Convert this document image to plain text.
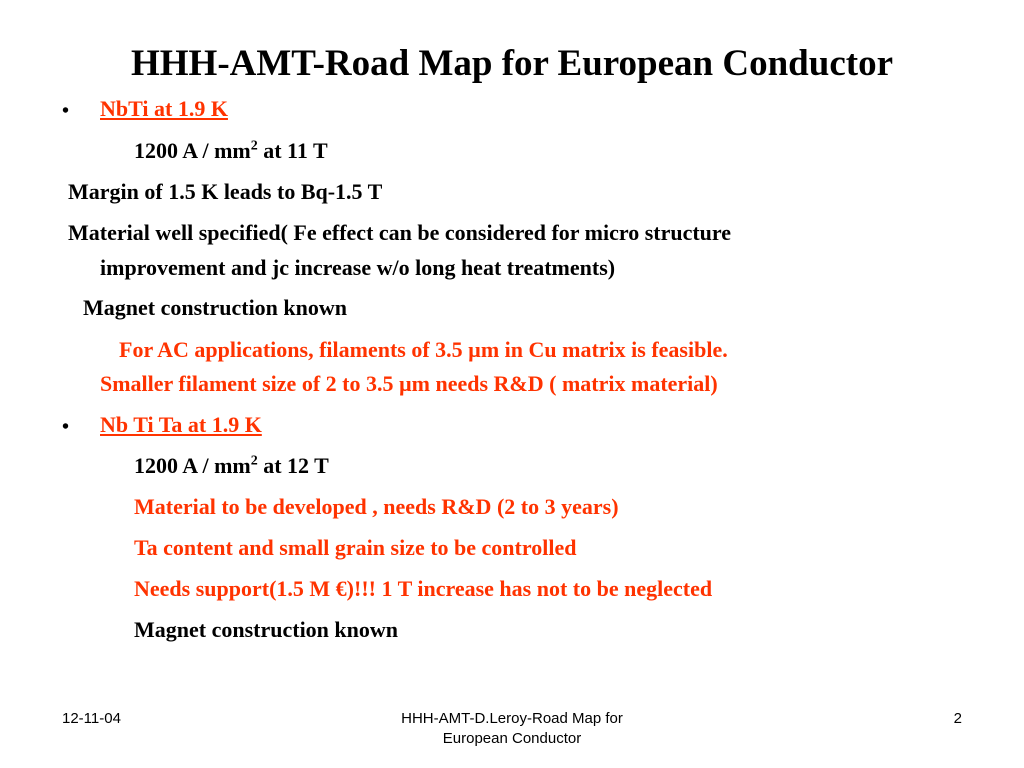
HHH-AMT-Road Map for European Conductor
• NbTi at 1.9 K
1200 A / $mm^2$ at 11 T
Margin of 1.5 K leads to Bq-1.5 T
Material well specified( Fe effect can be considered for micro structure
improvement and jc increase w/o long heat treatments)
Magnet construction known
For AC applications, filaments of 3.5 µm in Cu matrix is feasible.
Smaller filament size of 2 to 3.5 µm needs R&D ( matrix material)
• Nb Ti Ta at 1.9 K
1200 A / $mm^2$ at 12 T
Material to be developed , needs R&D (2 to 3 years)
Ta content and small grain size to be controlled
Needs support(1.5 M €)!!! 1 T increase has not to be neglected
Magnet construction known
12-11-04	HHH-AMT-D.Leroy-Road Map for
European Conductor
2
